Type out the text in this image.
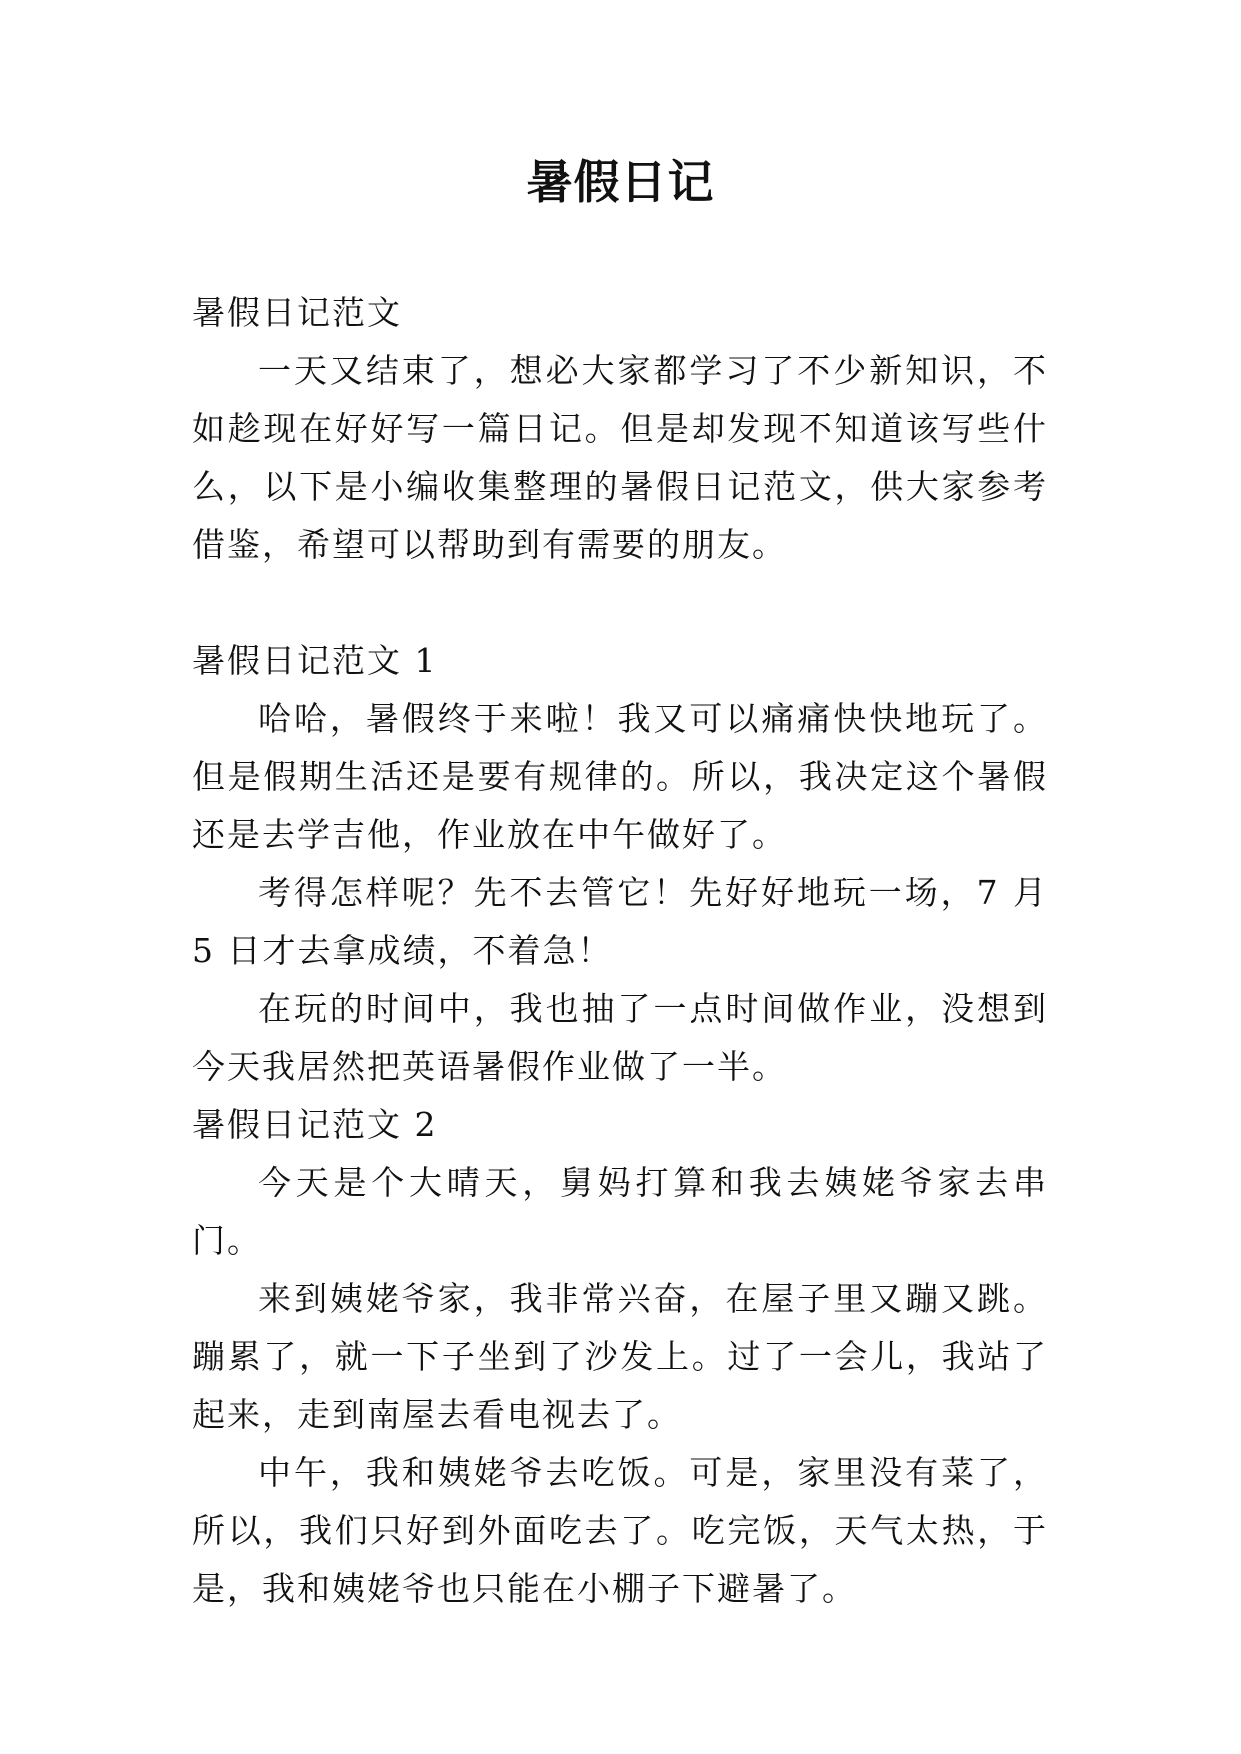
暑假日记

暑假日记范文

一天又结束了，想必大家都学习了不少新知识，不如趁现在好好写一篇日记。但是却发现不知道该写些什么，以下是小编收集整理的暑假日记范文，供大家参考借鉴，希望可以帮助到有需要的朋友。

暑假日记范文 1

哈哈，暑假终于来啦！我又可以痛痛快快地玩了。但是假期生活还是要有规律的。所以，我决定这个暑假还是去学吉他，作业放在中午做好了。

考得怎样呢？先不去管它！先好好地玩一场，7 月 5 日才去拿成绩，不着急！

在玩的时间中，我也抽了一点时间做作业，没想到今天我居然把英语暑假作业做了一半。

暑假日记范文 2

今天是个大晴天，舅妈打算和我去姨姥爷家去串门。

来到姨姥爷家，我非常兴奋，在屋子里又蹦又跳。蹦累了，就一下子坐到了沙发上。过了一会儿，我站了起来，走到南屋去看电视去了。

中午，我和姨姥爷去吃饭。可是，家里没有菜了，所以，我们只好到外面吃去了。吃完饭，天气太热，于是，我和姨姥爷也只能在小棚子下避暑了。
